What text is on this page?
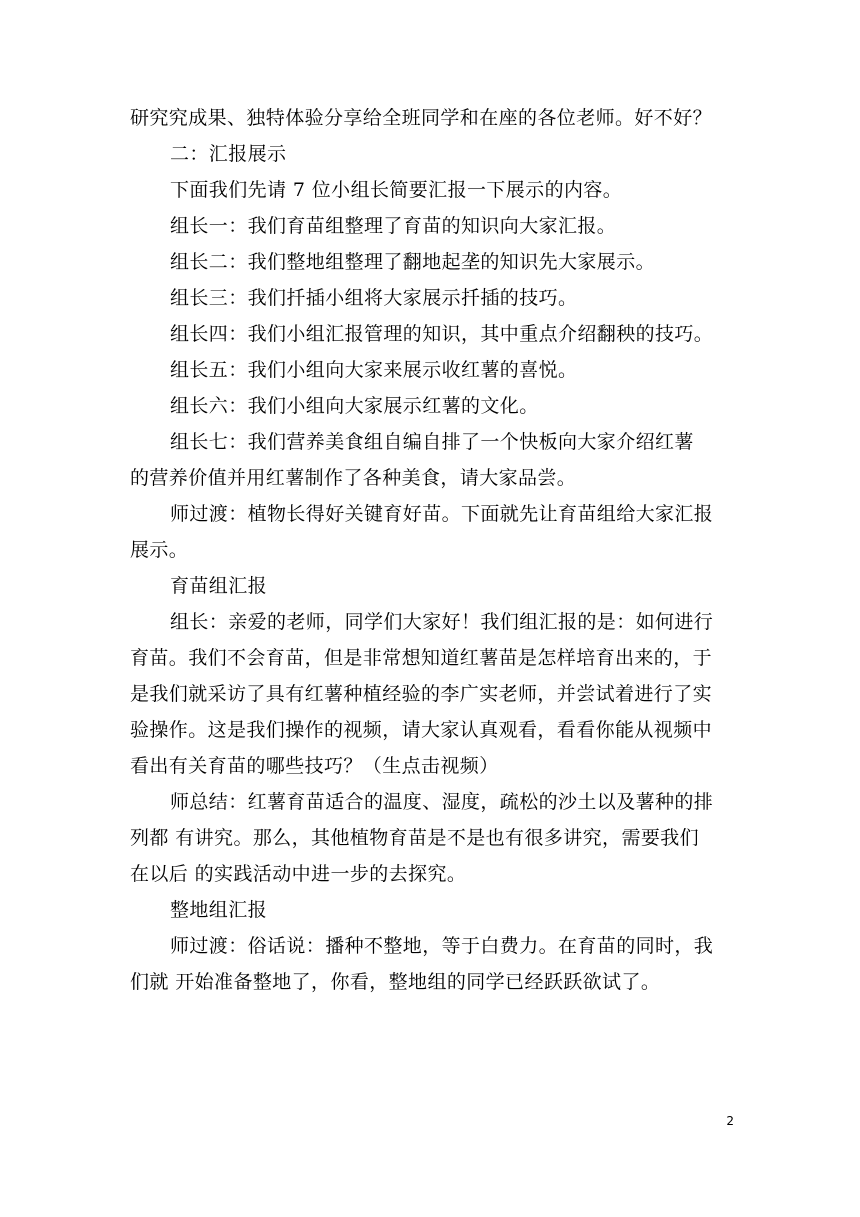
研究究成果、独特体验分享给全班同学和在座的各位老师。好不好？
二：汇报展示
下面我们先请 7 位小组长简要汇报一下展示的内容。
组长一：我们育苗组整理了育苗的知识向大家汇报。
组长二：我们整地组整理了翻地起垄的知识先大家展示。
组长三：我们扦插小组将大家展示扦插的技巧。
组长四：我们小组汇报管理的知识，其中重点介绍翻秧的技巧。
组长五：我们小组向大家来展示收红薯的喜悦。
组长六：我们小组向大家展示红薯的文化。
组长七：我们营养美食组自编自排了一个快板向大家介绍红薯
的营养价值并用红薯制作了各种美食，请大家品尝。
师过渡：植物长得好关键育好苗。下面就先让育苗组给大家汇报
展示。
育苗组汇报
组长：亲爱的老师，同学们大家好！我们组汇报的是：如何进行
育苗。我们不会育苗，但是非常想知道红薯苗是怎样培育出来的，于
是我们就采访了具有红薯种植经验的李广实老师，并尝试着进行了实
验操作。这是我们操作的视频，请大家认真观看，看看你能从视频中
看出有关育苗的哪些技巧？（生点击视频）
师总结：红薯育苗适合的温度、湿度，疏松的沙土以及薯种的排
列都 有讲究。那么，其他植物育苗是不是也有很多讲究，需要我们
在以后 的实践活动中进一步的去探究。
整地组汇报
师过渡：俗话说：播种不整地，等于白费力。在育苗的同时，我
们就 开始准备整地了，你看，整地组的同学已经跃跃欲试了。
2
